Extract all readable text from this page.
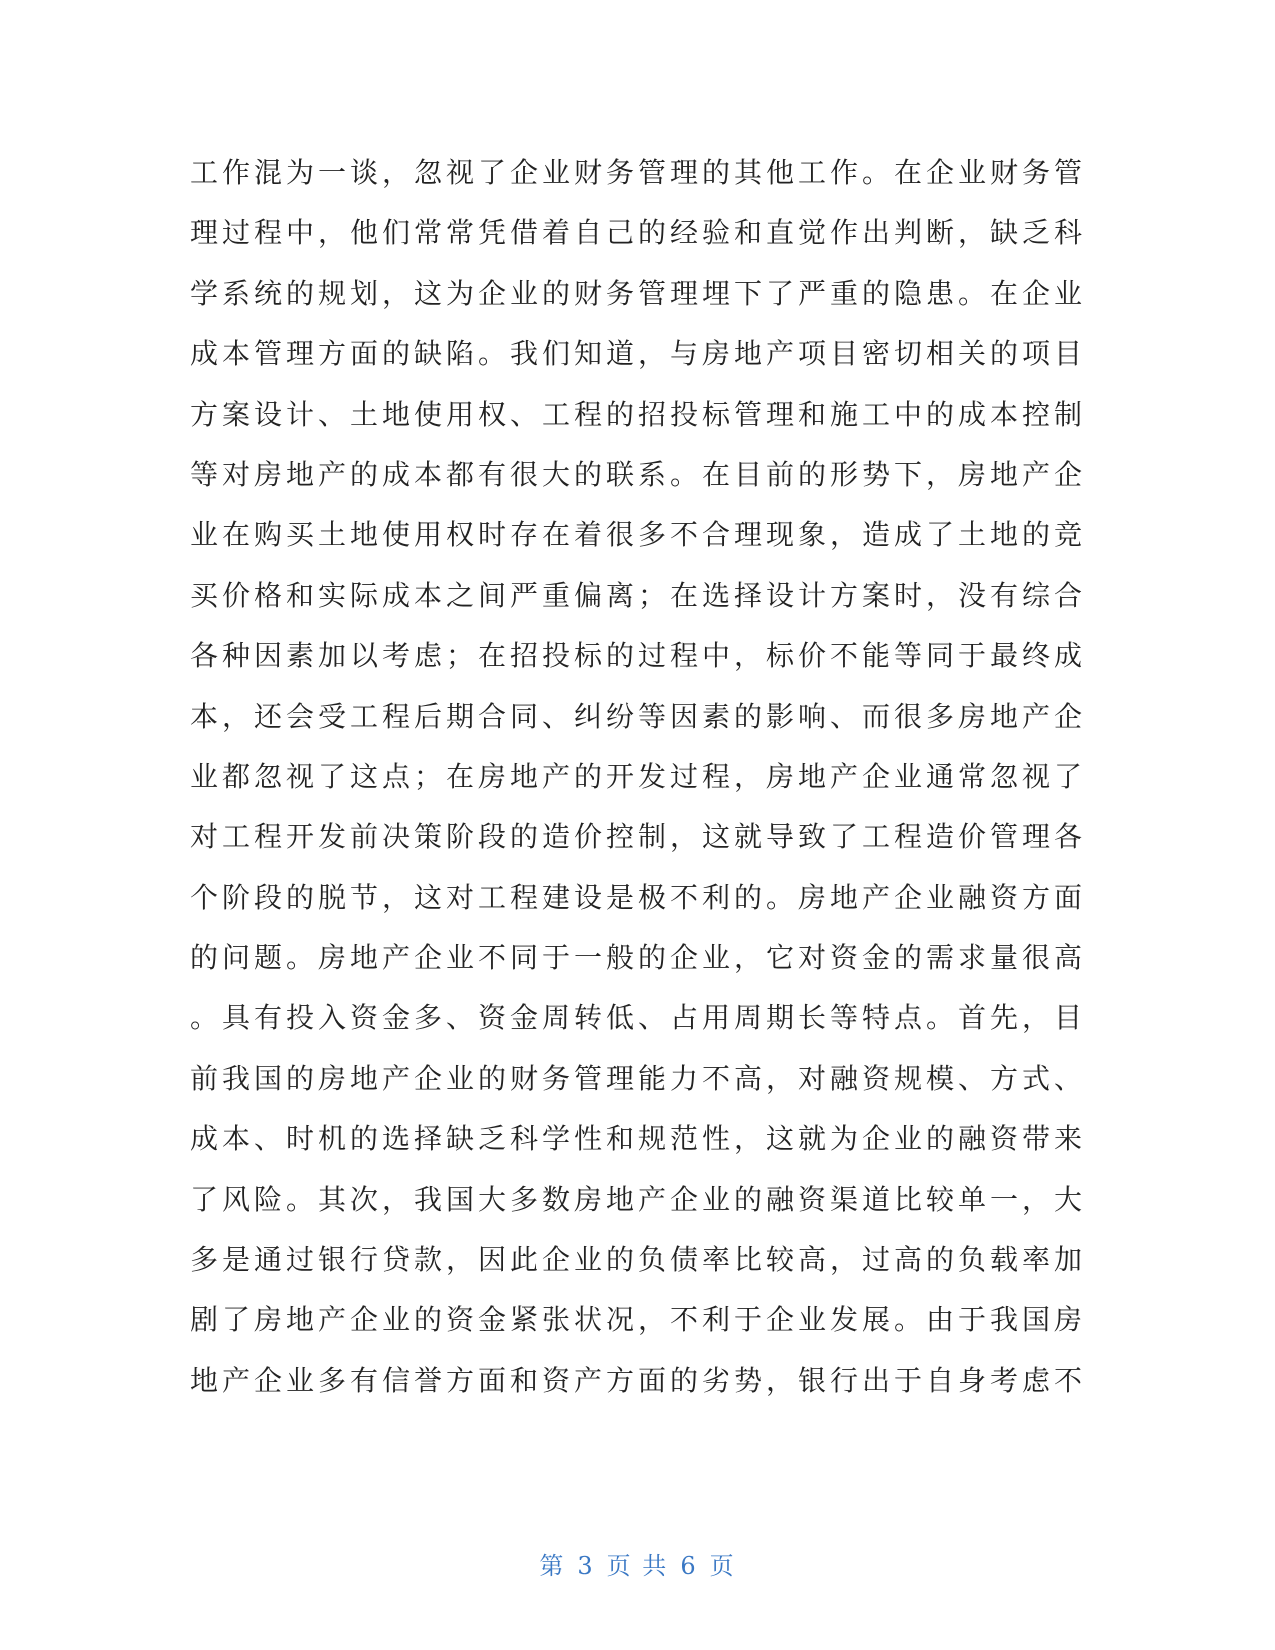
工作混为一谈，忽视了企业财务管理的其他工作。在企业财务管
理过程中，他们常常凭借着自己的经验和直觉作出判断，缺乏科
学系统的规划，这为企业的财务管理埋下了严重的隐患。在企业
成本管理方面的缺陷。我们知道，与房地产项目密切相关的项目
方案设计、土地使用权、工程的招投标管理和施工中的成本控制
等对房地产的成本都有很大的联系。在目前的形势下，房地产企
业在购买土地使用权时存在着很多不合理现象，造成了土地的竞
买价格和实际成本之间严重偏离；在选择设计方案时，没有综合
各种因素加以考虑；在招投标的过程中，标价不能等同于最终成
本，还会受工程后期合同、纠纷等因素的影响、而很多房地产企
业都忽视了这点；在房地产的开发过程，房地产企业通常忽视了
对工程开发前决策阶段的造价控制，这就导致了工程造价管理各
个阶段的脱节，这对工程建设是极不利的。房地产企业融资方面
的问题。房地产企业不同于一般的企业，它对资金的需求量很高
。具有投入资金多、资金周转低、占用周期长等特点。首先，目
前我国的房地产企业的财务管理能力不高，对融资规模、方式、
成本、时机的选择缺乏科学性和规范性，这就为企业的融资带来
了风险。其次，我国大多数房地产企业的融资渠道比较单一，大
多是通过银行贷款，因此企业的负债率比较高，过高的负载率加
剧了房地产企业的资金紧张状况，不利于企业发展。由于我国房
地产企业多有信誉方面和资产方面的劣势，银行出于自身考虑不
第 3 页 共 6 页
